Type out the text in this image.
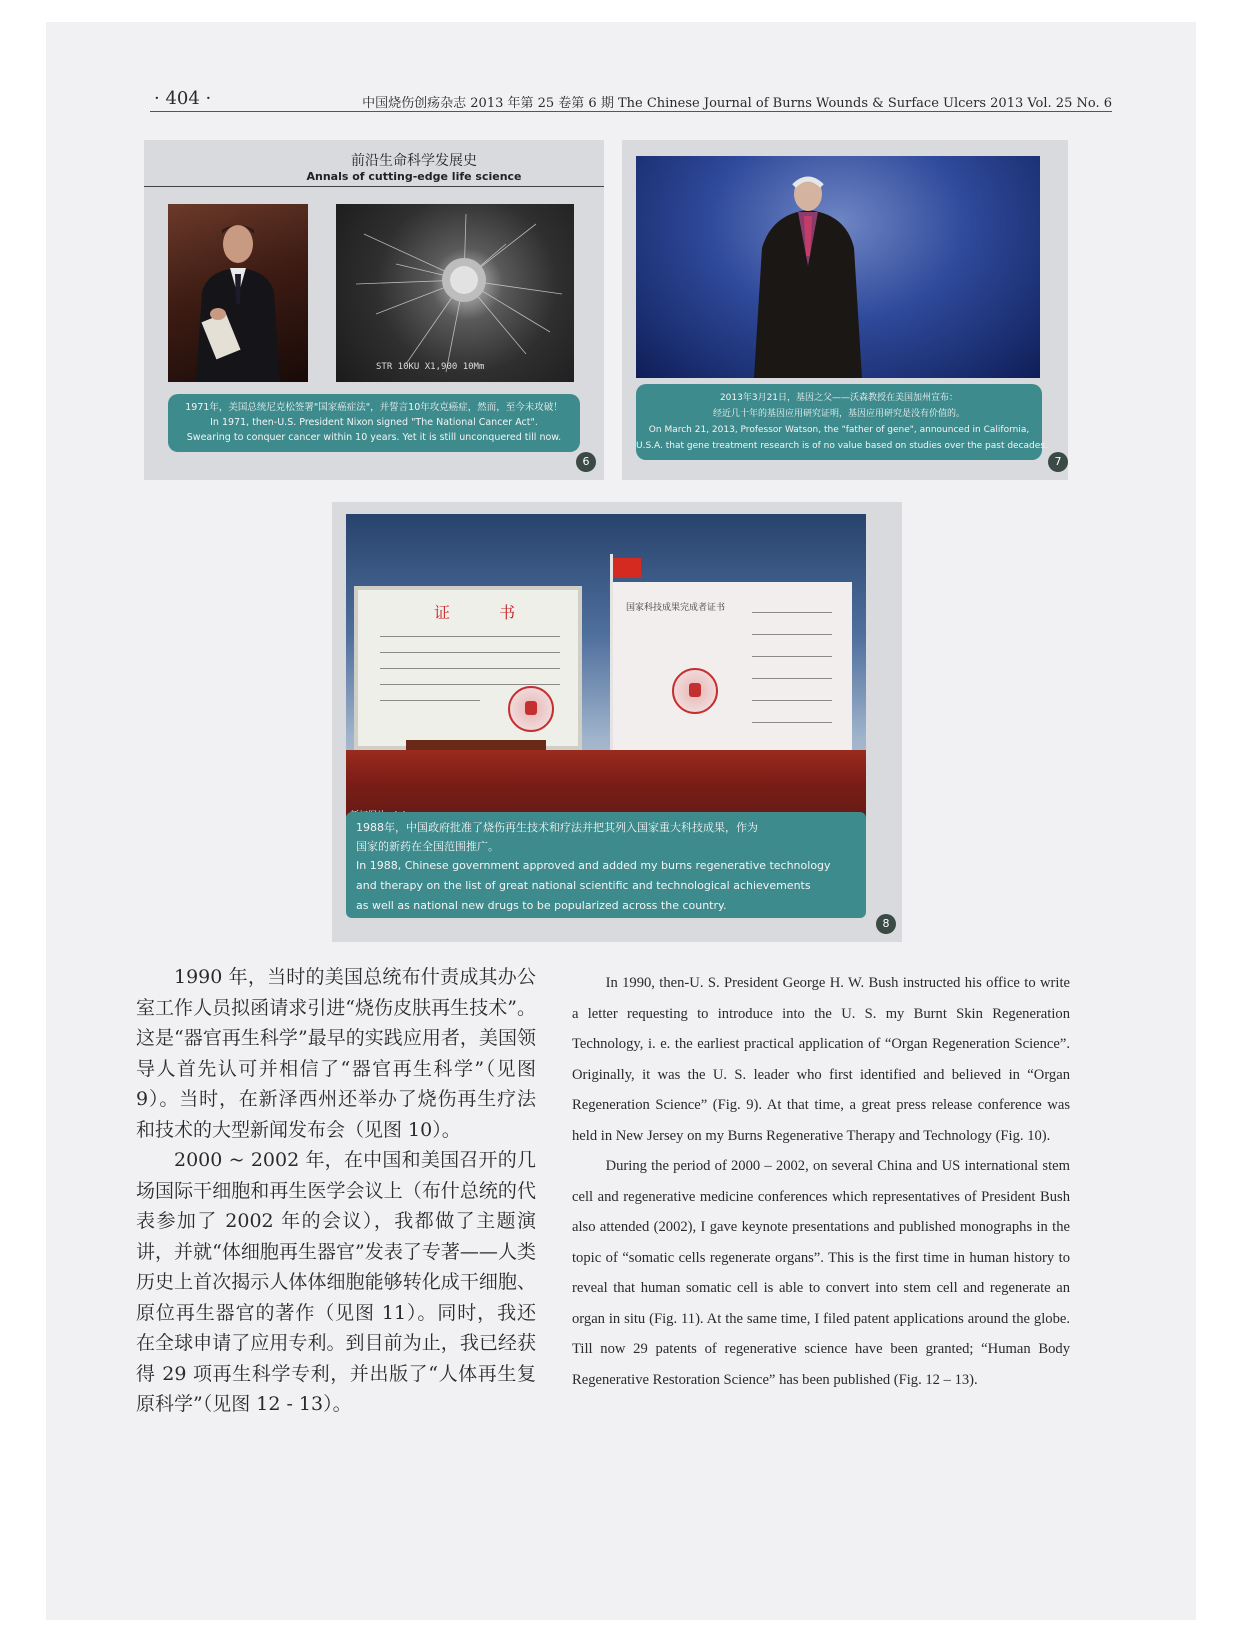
· 404 ·	中国烧伤创疡杂志 2013 年第 25 卷第 6 期 The Chinese Journal of Burns Wounds & Surface Ulcers 2013 Vol. 25 No. 6
前沿生命科学发展史
Annals of cutting-edge life science
STR 10KU X1,900 10Mm
1971年，美国总统尼克松签署"国家癌症法"，并誓言10年攻克癌症，然而，至今未攻破！
In 1971, then-U.S. President Nixon signed "The National Cancer Act".
Swearing to conquer cancer within 10 years. Yet it is still unconquered till now.
6
2013年3月21日，基因之父——沃森教授在美国加州宣布：
经近几十年的基因应用研究证明，基因应用研究是没有价值的。
On March 21, 2013, Professor Watson, the "father of gene", announced in California,
U.S.A. that gene treatment research is of no value based on studies over the past decades.
7
证 书	国家科技成果完成者证书
1988年，中国政府批准了烧伤再生技术和疗法并把其列入国家重大科技成果，作为
国家的新药在全国范围推广。
In 1988, Chinese government approved and added my burns regenerative technology
and therapy on the list of great national scientific and technological achievements
as well as national new drugs to be popularized across the country.
8

1990 年，当时的美国总统布什责成其办公室工作人员拟函请求引进“烧伤皮肤再生技术”。这是“器官再生科学”最早的实践应用者，美国领导人首先认可并相信了“器官再生科学”（见图 9）。当时，在新泽西州还举办了烧伤再生疗法和技术的大型新闻发布会（见图 10）。

2000 ~ 2002 年，在中国和美国召开的几场国际干细胞和再生医学会议上（布什总统的代表参加了 2002 年的会议），我都做了主题演讲，并就“体细胞再生器官”发表了专著——人类历史上首次揭示人体体细胞能够转化成干细胞、原位再生器官的著作（见图 11）。同时，我还在全球申请了应用专利。到目前为止，我已经获得 29 项再生科学专利，并出版了“人体再生复原科学”（见图 12 - 13）。

In 1990, then-U. S. President George H. W. Bush instructed his office to write a letter requesting to introduce into the U. S. my Burnt Skin Regeneration Technology, i. e. the earliest practical application of “Organ Regeneration Science”. Originally, it was the U. S. leader who first identified and believed in “Organ Regeneration Science” (Fig. 9). At that time, a great press release conference was held in New Jersey on my Burns Regenerative Therapy and Technology (Fig. 10).

During the period of 2000 – 2002, on several China and US international stem cell and regenerative medicine conferences which representatives of President Bush also attended (2002), I gave keynote presentations and published monographs in the topic of “somatic cells regenerate organs”. This is the first time in human history to reveal that human somatic cell is able to convert into stem cell and regenerate an organ in situ (Fig. 11). At the same time, I filed patent applications around the globe. Till now 29 patents of regenerative science have been granted; “Human Body Regenerative Restoration Science” has been published (Fig. 12 – 13).
